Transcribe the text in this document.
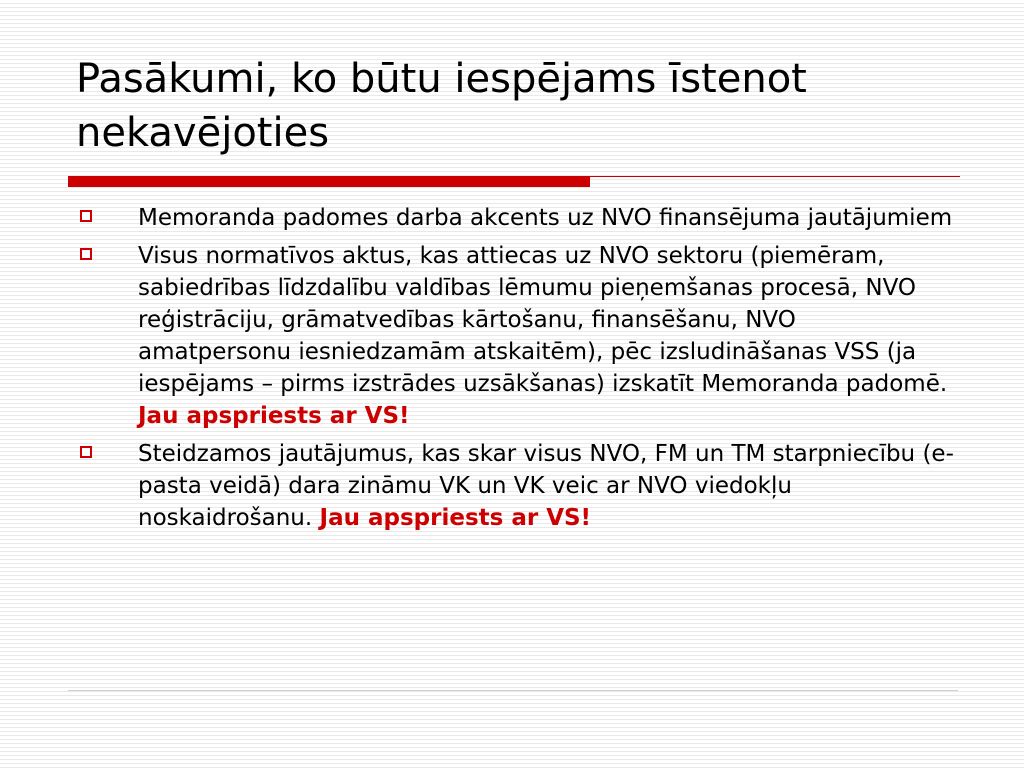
Pasākumi, ko būtu iespējams īstenot nekavējoties
Memoranda padomes darba akcents uz NVO finansējuma jautājumiem
Visus normatīvos aktus, kas attiecas uz NVO sektoru (piemēram, sabiedrības līdzdalību valdības lēmumu pieņemšanas procesā, NVO reģistrāciju, grāmatvedības kārtošanu, finansēšanu, NVO amatpersonu iesniedzamām atskaitēm), pēc izsludināšanas VSS (ja iespējams – pirms izstrādes uzsākšanas) izskatīt Memoranda padomē. Jau apspriests ar VS!
Steidzamos jautājumus, kas skar visus NVO, FM un TM starpniecību (e-pasta veidā) dara zināmu VK un VK veic ar NVO viedokļu noskaidrošanu. Jau apspriests ar VS!
